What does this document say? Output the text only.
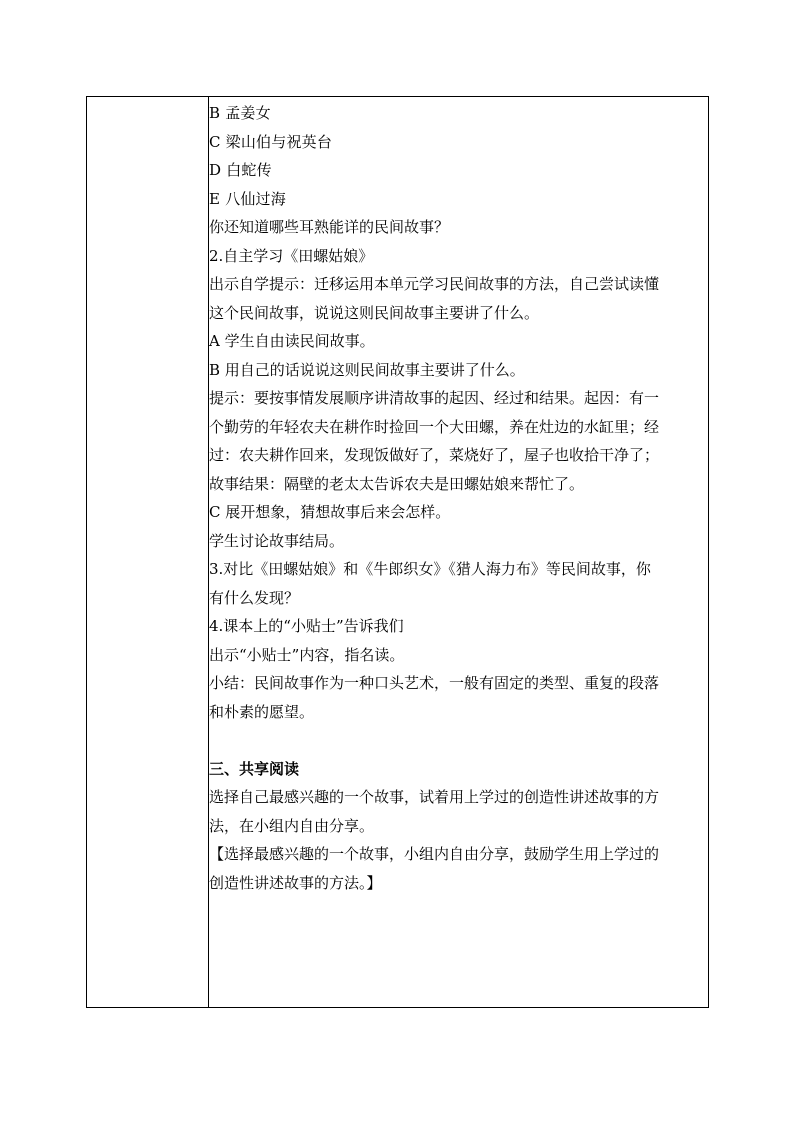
B 孟姜女
C 梁山伯与祝英台
D 白蛇传
E 八仙过海
你还知道哪些耳熟能详的民间故事？
2.自主学习《田螺姑娘》
出示自学提示：迁移运用本单元学习民间故事的方法，自己尝试读懂
这个民间故事，说说这则民间故事主要讲了什么。
A 学生自由读民间故事。
B 用自己的话说说这则民间故事主要讲了什么。
提示：要按事情发展顺序讲清故事的起因、经过和结果。起因：有一
个勤劳的年轻农夫在耕作时捡回一个大田螺，养在灶边的水缸里；经
过：农夫耕作回来，发现饭做好了，菜烧好了，屋子也收拾干净了；
故事结果：隔壁的老太太告诉农夫是田螺姑娘来帮忙了。
C 展开想象，猜想故事后来会怎样。
学生讨论故事结局。
3.对比《田螺姑娘》和《牛郎织女》《猎人海力布》等民间故事，你
有什么发现？
4.课本上的“小贴士”告诉我们
出示“小贴士”内容，指名读。
小结：民间故事作为一种口头艺术，一般有固定的类型、重复的段落
和朴素的愿望。
三、共享阅读
选择自己最感兴趣的一个故事，试着用上学过的创造性讲述故事的方
法，在小组内自由分享。
【选择最感兴趣的一个故事，小组内自由分享，鼓励学生用上学过的
创造性讲述故事的方法。】
